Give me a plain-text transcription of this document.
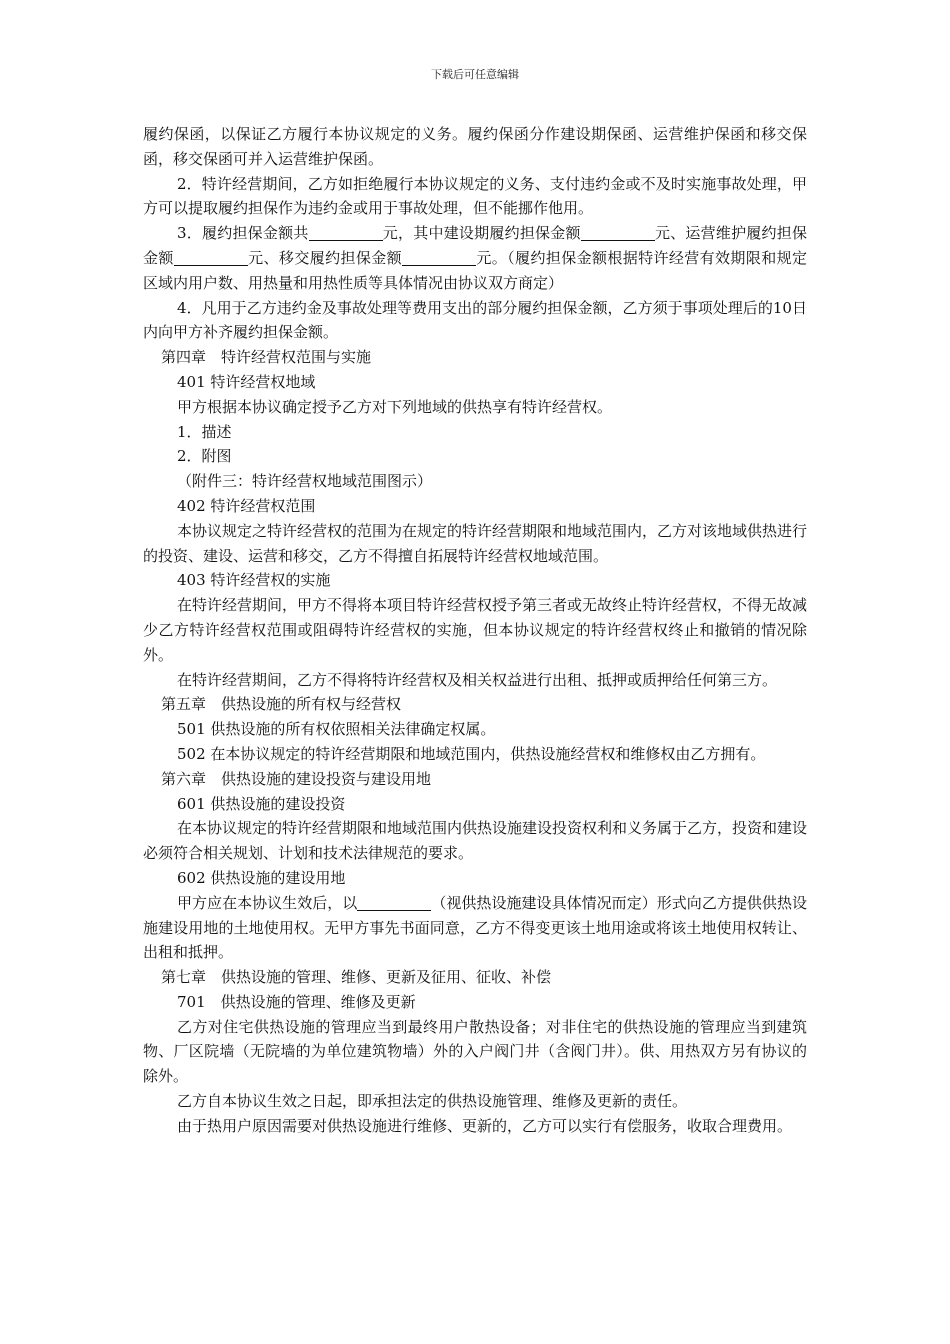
下载后可任意编辑

履约保函，以保证乙方履行本协议规定的义务。履约保函分作建设期保函、运营维护保函和移交保函，移交保函可并入运营维护保函。

2．特许经营期间，乙方如拒绝履行本协议规定的义务、支付违约金或不及时实施事故处理，甲方可以提取履约担保作为违约金或用于事故处理，但不能挪作他用。

3．履约担保金额共	元，其中建设期履约担保金额	元、运营维护履约担保金额	元、移交履约担保金额	元。（履约担保金额根据特许经营有效期限和规定区域内用户数、用热量和用热性质等具体情况由协议双方商定）

4．凡用于乙方违约金及事故处理等费用支出的部分履约担保金额，乙方须于事项处理后的10日内向甲方补齐履约担保金额。

第四章　特许经营权范围与实施

401 特许经营权地域

甲方根据本协议确定授予乙方对下列地域的供热享有特许经营权。

1．描述

2．附图

（附件三：特许经营权地域范围图示）

402 特许经营权范围

本协议规定之特许经营权的范围为在规定的特许经营期限和地域范围内，乙方对该地域供热进行的投资、建设、运营和移交，乙方不得擅自拓展特许经营权地域范围。

403 特许经营权的实施

在特许经营期间，甲方不得将本项目特许经营权授予第三者或无故终止特许经营权，不得无故减少乙方特许经营权范围或阻碍特许经营权的实施，但本协议规定的特许经营权终止和撤销的情况除外。

在特许经营期间，乙方不得将特许经营权及相关权益进行出租、抵押或质押给任何第三方。

第五章　供热设施的所有权与经营权

501 供热设施的所有权依照相关法律确定权属。

502 在本协议规定的特许经营期限和地域范围内，供热设施经营权和维修权由乙方拥有。

第六章　供热设施的建设投资与建设用地

601 供热设施的建设投资

在本协议规定的特许经营期限和地域范围内供热设施建设投资权利和义务属于乙方，投资和建设必须符合相关规划、计划和技术法律规范的要求。

602 供热设施的建设用地

甲方应在本协议生效后，以	（视供热设施建设具体情况而定）形式向乙方提供供热设施建设用地的土地使用权。无甲方事先书面同意，乙方不得变更该土地用途或将该土地使用权转让、出租和抵押。

第七章　供热设施的管理、维修、更新及征用、征收、补偿

701　供热设施的管理、维修及更新

乙方对住宅供热设施的管理应当到最终用户散热设备；对非住宅的供热设施的管理应当到建筑物、厂区院墙（无院墙的为单位建筑物墙）外的入户阀门井（含阀门井）。供、用热双方另有协议的除外。

乙方自本协议生效之日起，即承担法定的供热设施管理、维修及更新的责任。

由于热用户原因需要对供热设施进行维修、更新的，乙方可以实行有偿服务，收取合理费用。
